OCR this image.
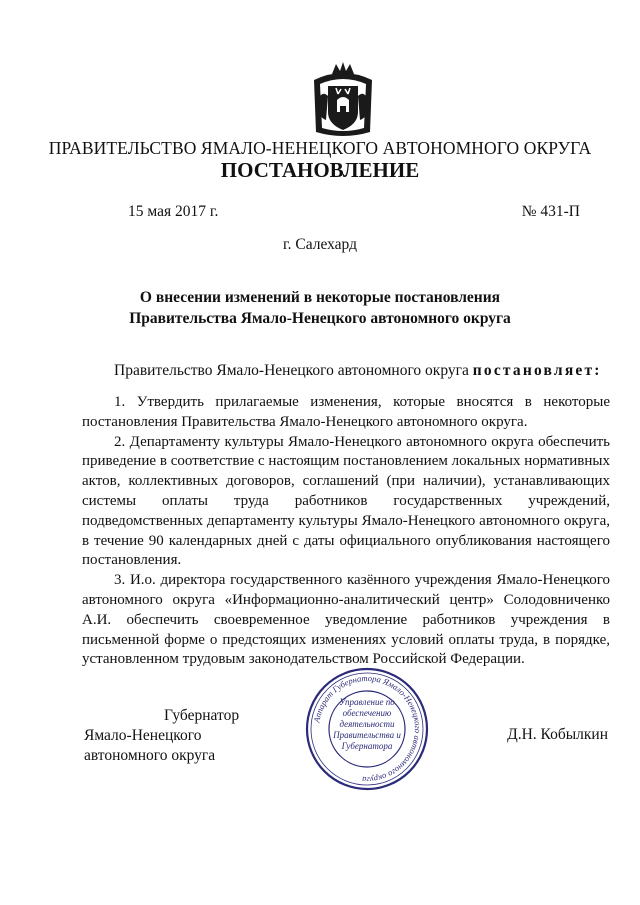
ПРАВИТЕЛЬСТВО ЯМАЛО-НЕНЕЦКОГО АВТОНОМНОГО ОКРУГА
ПОСТАНОВЛЕНИЕ
15 мая 2017 г.	№ 431-П
г. Салехард
О внесении изменений в некоторые постановления
Правительства Ямало-Ненецкого автономного округа
Правительство Ямало-Ненецкого автономного округа постановляет:

1. Утвердить прилагаемые изменения, которые вносятся в некоторые постановления Правительства Ямало-Ненецкого автономного округа.

2. Департаменту культуры Ямало-Ненецкого автономного округа обеспечить приведение в соответствие с настоящим постановлением локальных нормативных актов, коллективных договоров, соглашений (при наличии), устанавливающих системы оплаты труда работников государственных учреждений, подведомственных департаменту культуры Ямало-Ненецкого автономного округа, в течение 90 календарных дней с даты официального опубликования настоящего постановления.

3. И.о. директора государственного казённого учреждения Ямало-Ненецкого автономного округа «Информационно-аналитический центр» Солодовниченко А.И. обеспечить своевременное уведомление работников учреждения в письменной форме о предстоящих изменениях условий оплаты труда, в порядке, установленном трудовым законодательством Российской Федерации.

Губернатор
Ямало-Ненецкого автономного округа
Аппарат Губернатора Ямало-Ненецкого автономного округа
Управление по обеспечению деятельности Правительства и Губернатора
Д.Н. Кобылкин
